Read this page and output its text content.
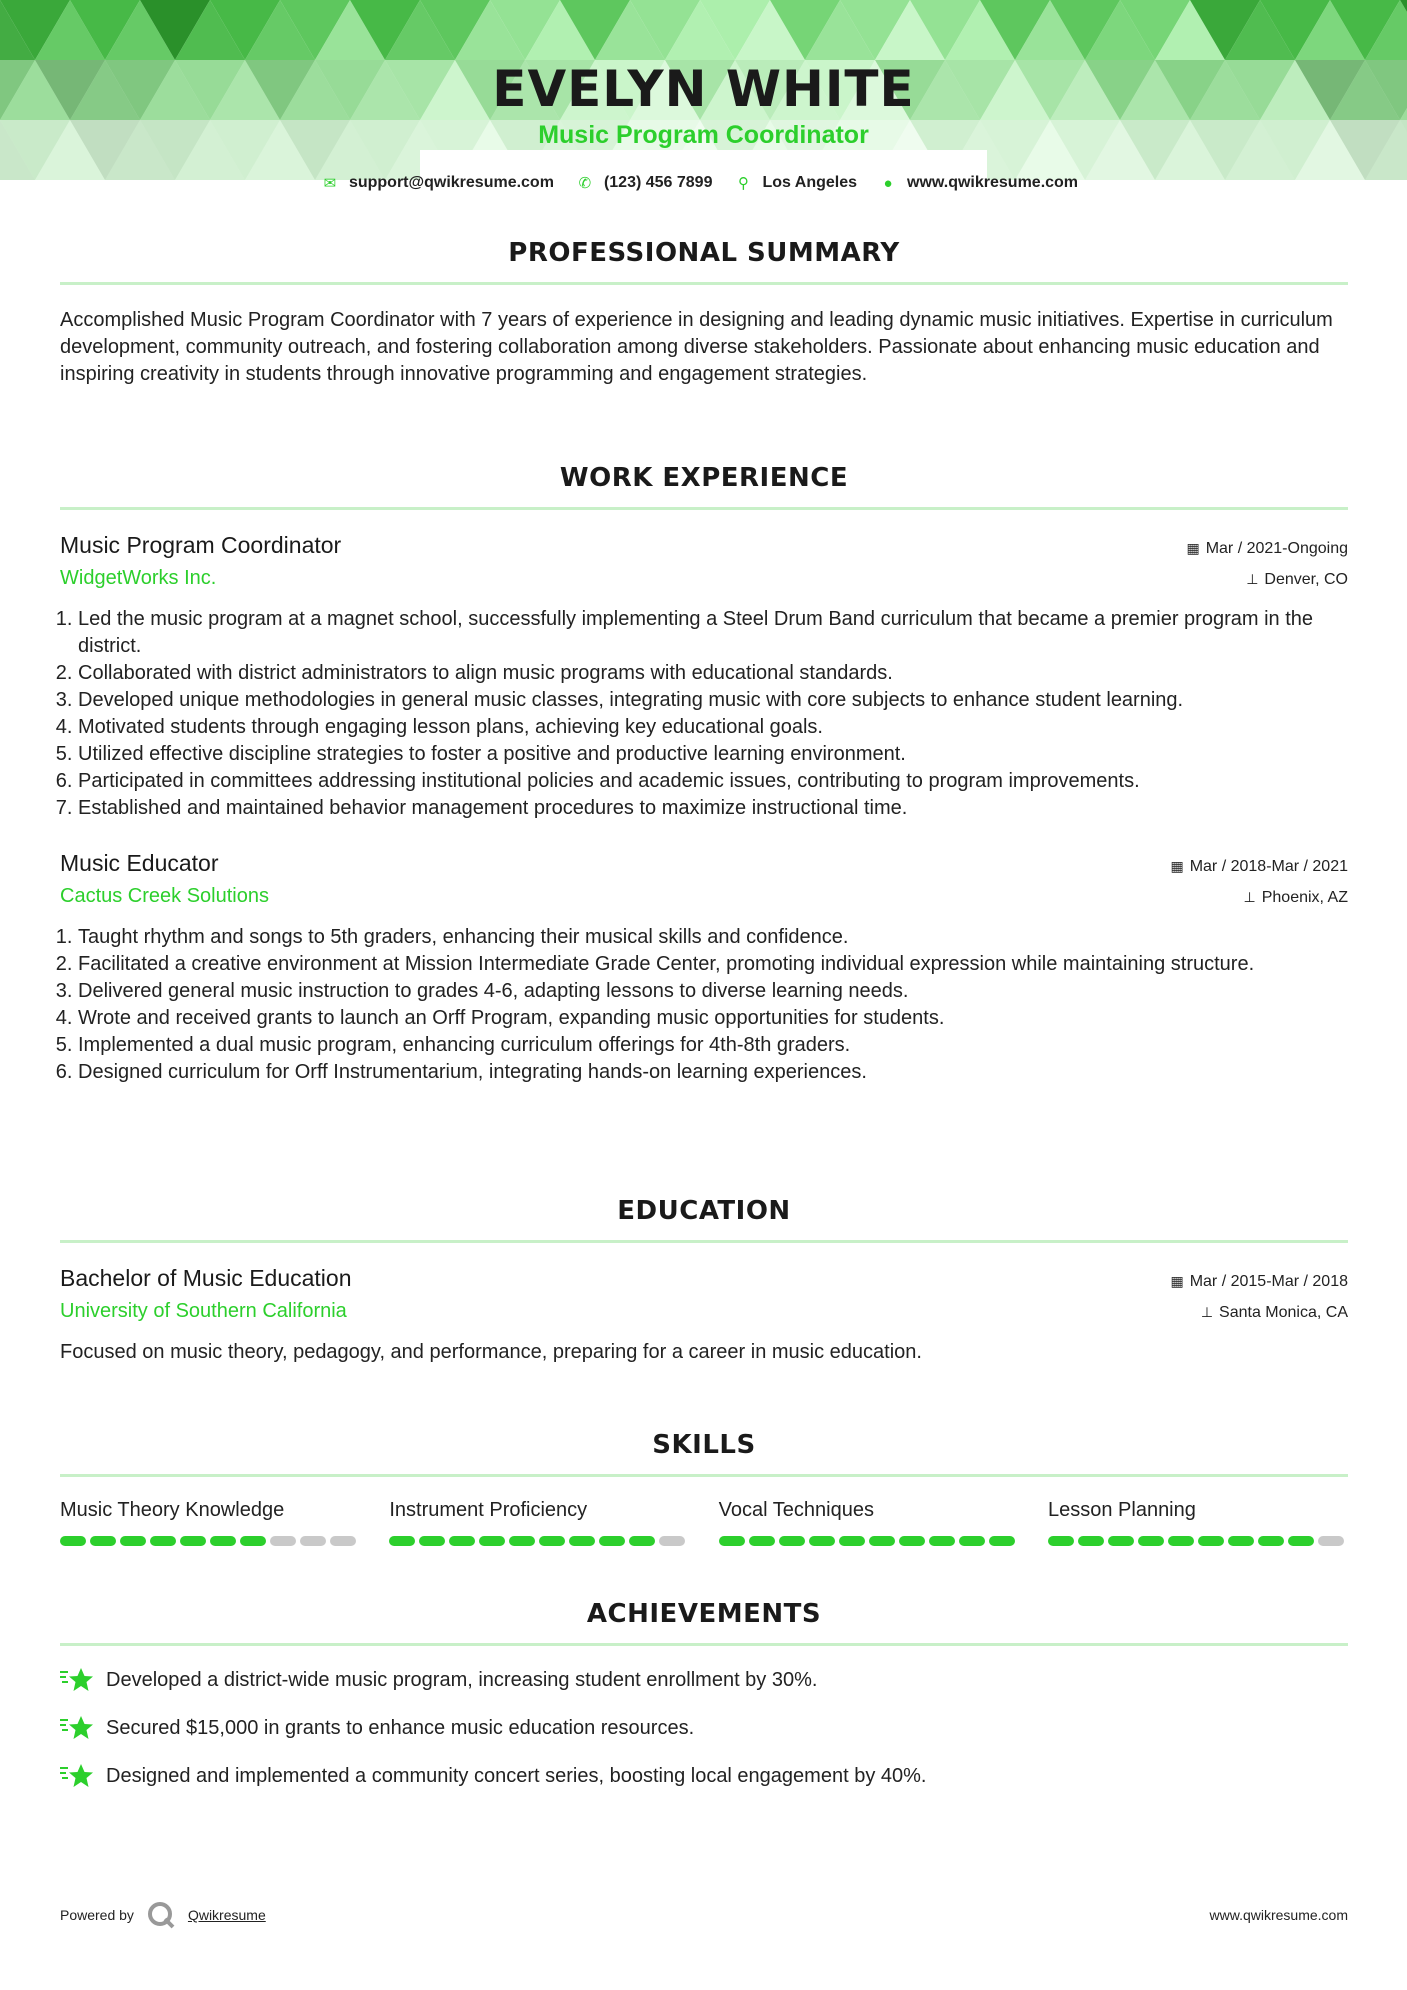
EVELYN WHITE
Music Program Coordinator
✉ support@qwikresume.com ✆ (123) 456 7899 ⚲ Los Angeles ● www.qwikresume.com
PROFESSIONAL SUMMARY
Accomplished Music Program Coordinator with 7 years of experience in designing and leading dynamic music initiatives. Expertise in curriculum development, community outreach, and fostering collaboration among diverse stakeholders. Passionate about enhancing music education and inspiring creativity in students through innovative programming and engagement strategies.
WORK EXPERIENCE
Music Program Coordinator	▦ Mar / 2021-Ongoing
WidgetWorks Inc.	⊥ Denver, CO
1. Led the music program at a magnet school, successfully implementing a Steel Drum Band curriculum that became a premier program in the district.
2. Collaborated with district administrators to align music programs with educational standards.
3. Developed unique methodologies in general music classes, integrating music with core subjects to enhance student learning.
4. Motivated students through engaging lesson plans, achieving key educational goals.
5. Utilized effective discipline strategies to foster a positive and productive learning environment.
6. Participated in committees addressing institutional policies and academic issues, contributing to program improvements.
7. Established and maintained behavior management procedures to maximize instructional time.
Music Educator	▦ Mar / 2018-Mar / 2021
Cactus Creek Solutions	⊥ Phoenix, AZ
1. Taught rhythm and songs to 5th graders, enhancing their musical skills and confidence.
2. Facilitated a creative environment at Mission Intermediate Grade Center, promoting individual expression while maintaining structure.
3. Delivered general music instruction to grades 4-6, adapting lessons to diverse learning needs.
4. Wrote and received grants to launch an Orff Program, expanding music opportunities for students.
5. Implemented a dual music program, enhancing curriculum offerings for 4th-8th graders.
6. Designed curriculum for Orff Instrumentarium, integrating hands-on learning experiences.
EDUCATION
Bachelor of Music Education	▦ Mar / 2015-Mar / 2018
University of Southern California	⊥ Santa Monica, CA
Focused on music theory, pedagogy, and performance, preparing for a career in music education.
SKILLS
Music Theory Knowledge	Instrument Proficiency	Vocal Techniques	Lesson Planning
ACHIEVEMENTS
Developed a district-wide music program, increasing student enrollment by 30%.
Secured $15,000 in grants to enhance music education resources.
Designed and implemented a community concert series, boosting local engagement by 40%.
Powered by	Qwikresume	www.qwikresume.com
